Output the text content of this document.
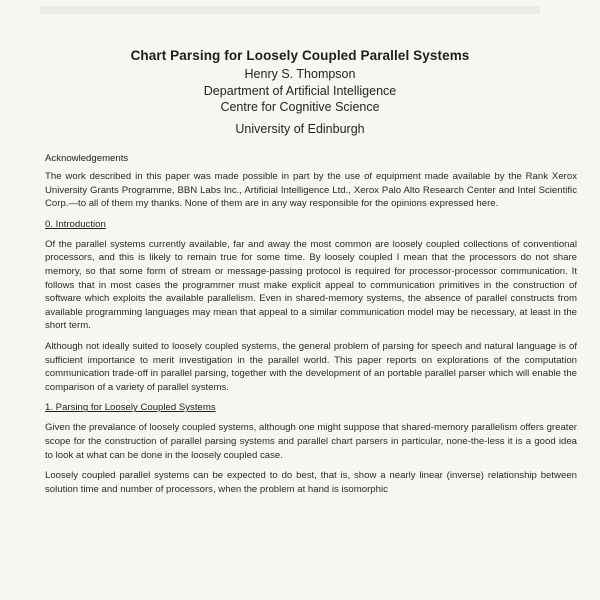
Chart Parsing for Loosely Coupled Parallel Systems
Henry S. Thompson
Department of Artificial Intelligence
Centre for Cognitive Science
University of Edinburgh
Acknowledgements

The work described in this paper was made possible in part by the use of equipment made available by the Rank Xerox University Grants Programme, BBN Labs Inc., Artificial Intelligence Ltd., Xerox Palo Alto Research Center and Intel Scientific Corp.—to all of them my thanks. None of them are in any way responsible for the opinions expressed here.

0. Introduction

Of the parallel systems currently available, far and away the most common are loosely coupled collections of conventional processors, and this is likely to remain true for some time. By loosely coupled I mean that the processors do not share memory, so that some form of stream or message-passing protocol is required for processor-processor communication. It follows that in most cases the programmer must make explicit appeal to communication primitives in the construction of software which exploits the available parallelism. Even in shared-memory systems, the absence of parallel constructs from available programming languages may mean that appeal to a similar communication model may be necessary, at least in the short term.

Although not ideally suited to loosely coupled systems, the general problem of parsing for speech and natural language is of sufficient importance to merit investigation in the parallel world. This paper reports on explorations of the computation communication trade-off in parallel parsing, together with the development of an portable parallel parser which will enable the comparison of a variety of parallel systems.

1. Parsing for Loosely Coupled Systems

Given the prevalance of loosely coupled systems, although one might suppose that shared-memory parallelism offers greater scope for the construction of parallel parsing systems and parallel chart parsers in particular, none-the-less it is a good idea to look at what can be done in the loosely coupled case.

Loosely coupled parallel systems can be expected to do best, that is, show a nearly linear (inverse) relationship between solution time and number of processors, when the problem at hand is isomorphic
